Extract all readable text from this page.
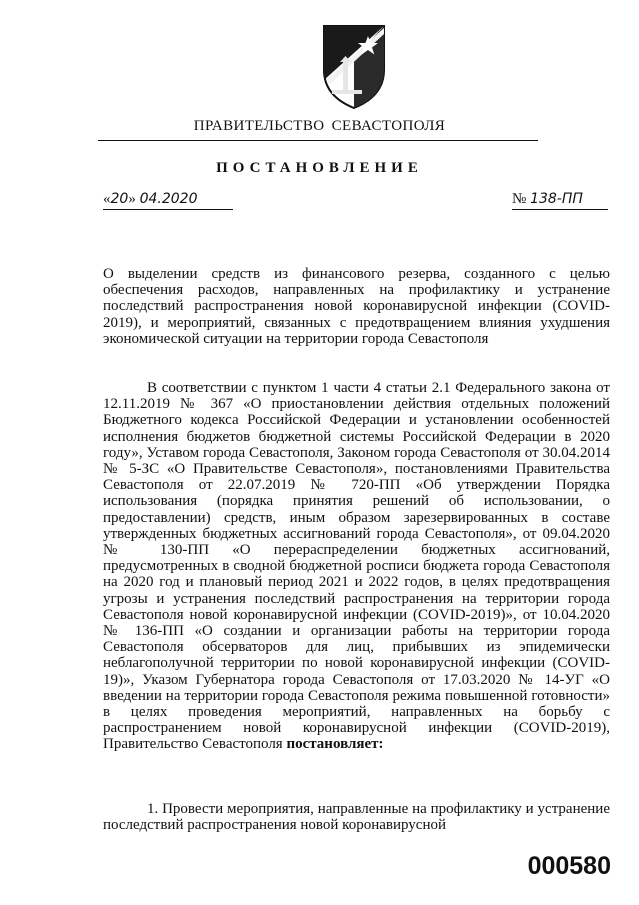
ПРАВИТЕЛЬСТВО СЕВАСТОПОЛЯ
ПОСТАНОВЛЕНИЕ
«20» 04.2020	№ 138-ПП

О выделении средств из финансового резерва, созданного с целью обеспечения расходов, направленных на профилактику и устранение последствий распространения новой коронавирусной инфекции (COVID-2019), и мероприятий, связанных с предотвращением влияния ухудшения экономической ситуации на территории города Севастополя

В соответствии с пунктом 1 части 4 статьи 2.1 Федерального закона от 12.11.2019 № 367 «О приостановлении действия отдельных положений Бюджетного кодекса Российской Федерации и установлении особенностей исполнения бюджетов бюджетной системы Российской Федерации в 2020 году», Уставом города Севастополя, Законом города Севастополя от 30.04.2014 № 5-ЗС «О Правительстве Севастополя», постановлениями Правительства Севастополя от 22.07.2019 № 720-ПП «Об утверждении Порядка использования (порядка принятия решений об использовании, о предоставлении) средств, иным образом зарезервированных в составе утвержденных бюджетных ассигнований города Севастополя», от 09.04.2020 № 130-ПП «О перераспределении бюджетных ассигнований, предусмотренных в сводной бюджетной росписи бюджета города Севастополя на 2020 год и плановый период 2021 и 2022 годов, в целях предотвращения угрозы и устранения последствий распространения на территории города Севастополя новой коронавирусной инфекции (COVID-2019)», от 10.04.2020 № 136-ПП «О создании и организации работы на территории города Севастополя обсерваторов для лиц, прибывших из эпидемически неблагополучной территории по новой коронавирусной инфекции (COVID-19)», Указом Губернатора города Севастополя от 17.03.2020 № 14-УГ «О введении на территории города Севастополя режима повышенной готовности» в целях проведения мероприятий, направленных на борьбу с распространением новой коронавирусной инфекции (COVID-2019), Правительство Севастополя постановляет:

1. Провести мероприятия, направленные на профилактику и устранение последствий распространения новой коронавирусной

000580
